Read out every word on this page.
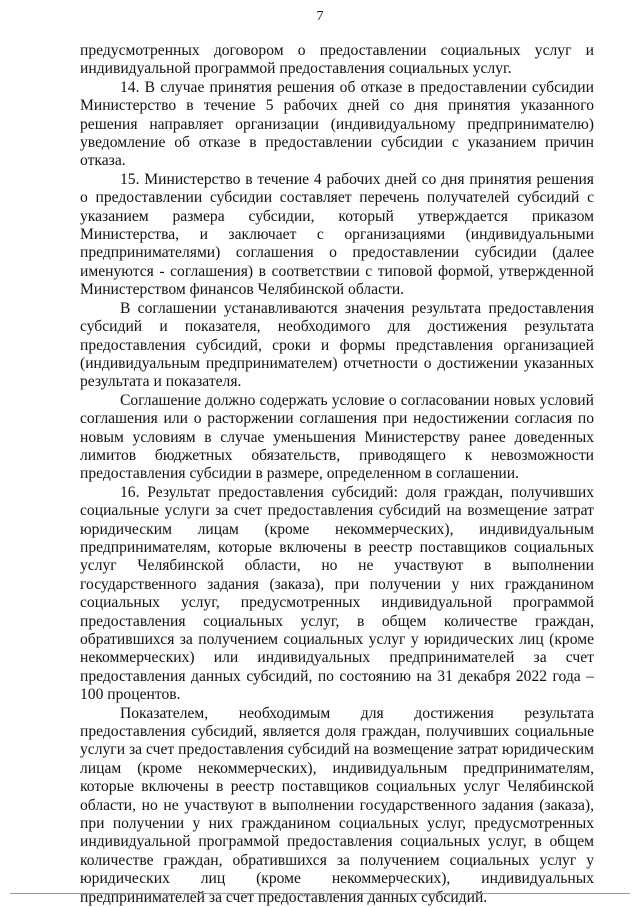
7

предусмотренных договором о предоставлении социальных услуг и индивидуальной программой предоставления социальных услуг.

14. В случае принятия решения об отказе в предоставлении субсидии Министерство в течение 5 рабочих дней со дня принятия указанного решения направляет организации (индивидуальному предпринимателю) уведомление об отказе в предоставлении субсидии с указанием причин отказа.

15. Министерство в течение 4 рабочих дней со дня принятия решения о предоставлении субсидии составляет перечень получателей субсидий с указанием размера субсидии, который утверждается приказом Министерства, и заключает с организациями (индивидуальными предпринимателями) соглашения о предоставлении субсидии (далее именуются - соглашения) в соответствии с типовой формой, утвержденной Министерством финансов Челябинской области.

В соглашении устанавливаются значения результата предоставления субсидий и показателя, необходимого для достижения результата предоставления субсидий, сроки и формы представления организацией (индивидуальным предпринимателем) отчетности о достижении указанных результата и показателя.

Соглашение должно содержать условие о согласовании новых условий соглашения или о расторжении соглашения при недостижении согласия по новым условиям в случае уменьшения Министерству ранее доведенных лимитов бюджетных обязательств, приводящего к невозможности предоставления субсидии в размере, определенном в соглашении.

16. Результат предоставления субсидий: доля граждан, получивших социальные услуги за счет предоставления субсидий на возмещение затрат юридическим лицам (кроме некоммерческих), индивидуальным предпринимателям, которые включены в реестр поставщиков социальных услуг Челябинской области, но не участвуют в выполнении государственного задания (заказа), при получении у них гражданином социальных услуг, предусмотренных индивидуальной программой предоставления социальных услуг, в общем количестве граждан, обратившихся за получением социальных услуг у юридических лиц (кроме некоммерческих) или индивидуальных предпринимателей за счет предоставления данных субсидий, по состоянию на 31 декабря 2022 года – 100 процентов.

Показателем, необходимым для достижения результата предоставления субсидий, является доля граждан, получивших социальные услуги за счет предоставления субсидий на возмещение затрат юридическим лицам (кроме некоммерческих), индивидуальным предпринимателям, которые включены в реестр поставщиков социальных услуг Челябинской области, но не участвуют в выполнении государственного задания (заказа), при получении у них гражданином социальных услуг, предусмотренных индивидуальной программой предоставления социальных услуг, в общем количестве граждан, обратившихся за получением социальных услуг у юридических лиц (кроме некоммерческих), индивидуальных предпринимателей за счет предоставления данных субсидий.
